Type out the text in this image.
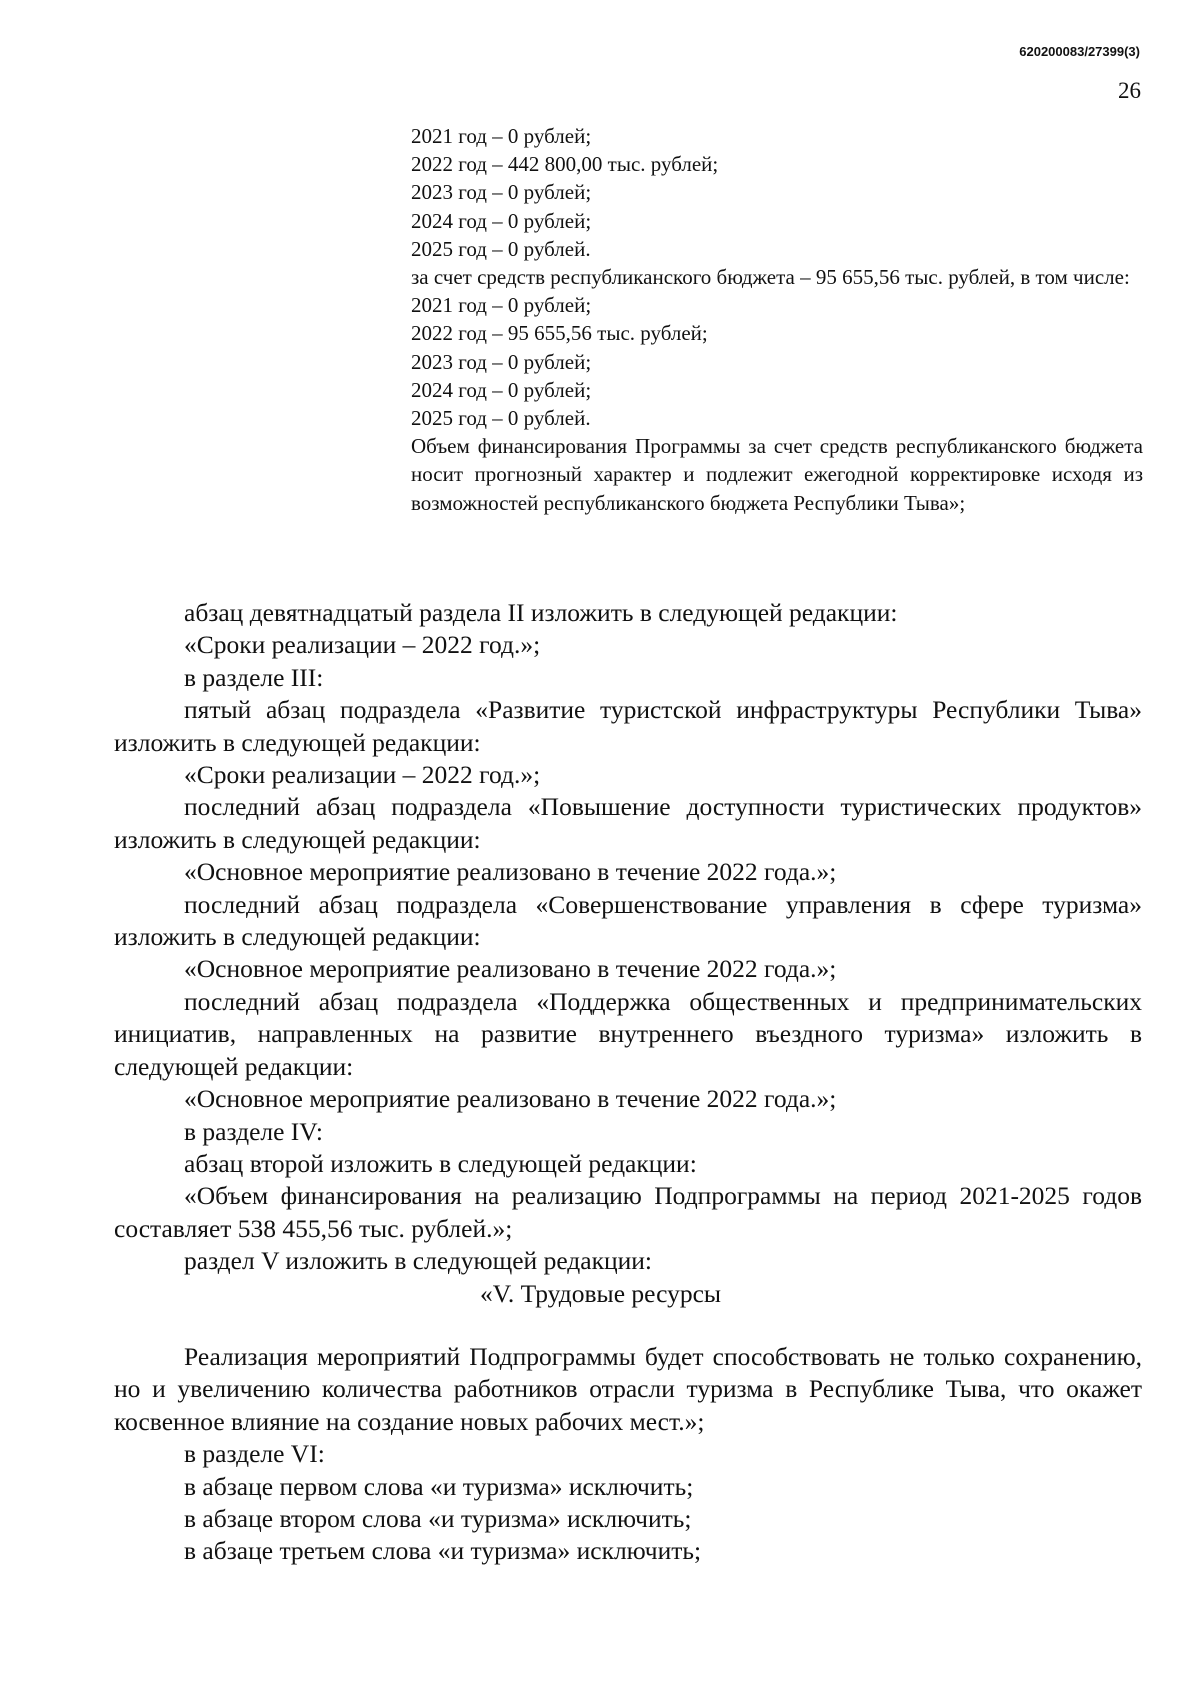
620200083/27399(3)
26

2021 год – 0 рублей;

2022 год – 442 800,00 тыс. рублей;

2023 год – 0 рублей;

2024 год – 0 рублей;

2025 год – 0 рублей.

за счет средств республиканского бюджета – 95 655,56 тыс. рублей, в том числе:

2021 год – 0 рублей;

2022 год – 95 655,56 тыс. рублей;

2023 год – 0 рублей;

2024 год – 0 рублей;

2025 год – 0 рублей.

Объем финансирования Программы за счет средств республиканского бюджета носит прогнозный характер и подлежит ежегодной корректировке исходя из возможностей республиканского бюджета Республики Тыва»;

абзац девятнадцатый раздела II изложить в следующей редакции:

«Сроки реализации – 2022 год.»;

в разделе III:

пятый абзац подраздела «Развитие туристской инфраструктуры Республики Тыва» изложить в следующей редакции:

«Сроки реализации – 2022 год.»;

последний абзац подраздела «Повышение доступности туристических продуктов» изложить в следующей редакции:

«Основное мероприятие реализовано в течение 2022 года.»;

последний абзац подраздела «Совершенствование управления в сфере туризма» изложить в следующей редакции:

«Основное мероприятие реализовано в течение 2022 года.»;

последний абзац подраздела «Поддержка общественных и предпринимательских инициатив, направленных на развитие внутреннего въездного туризма» изложить в следующей редакции:

«Основное мероприятие реализовано в течение 2022 года.»;

в разделе IV:

абзац второй изложить в следующей редакции:

«Объем финансирования на реализацию Подпрограммы на период 2021-2025 годов составляет 538 455,56 тыс. рублей.»;

раздел V изложить в следующей редакции:

«V. Трудовые ресурсы

Реализация мероприятий Подпрограммы будет способствовать не только сохранению, но и увеличению количества работников отрасли туризма в Республике Тыва, что окажет косвенное влияние на создание новых рабочих мест.»;

в разделе VI:

в абзаце первом слова «и туризма» исключить;

в абзаце втором слова «и туризма» исключить;

в абзаце третьем слова «и туризма» исключить;
